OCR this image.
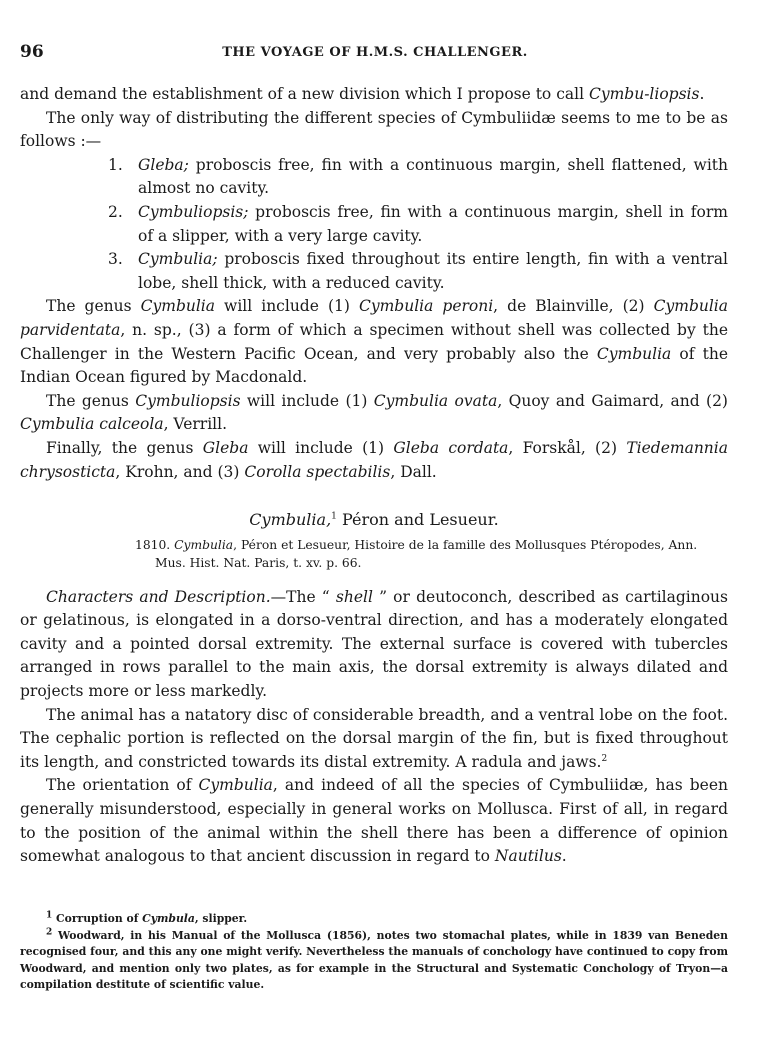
96	THE VOYAGE OF H.M.S. CHALLENGER.

and demand the establishment of a new division which I propose to call Cymbu-liopsis.

The only way of distributing the different species of Cymbuliidæ seems to me to be as follows :—

1. Gleba; proboscis free, fin with a continuous margin, shell flattened, with almost no cavity.

2. Cymbuliopsis; proboscis free, fin with a continuous margin, shell in form of a slipper, with a very large cavity.

3. Cymbulia; proboscis fixed throughout its entire length, fin with a ventral lobe, shell thick, with a reduced cavity.

The genus Cymbulia will include (1) Cymbulia peroni, de Blainville, (2) Cymbulia parvidentata, n. sp., (3) a form of which a specimen without shell was collected by the Challenger in the Western Pacific Ocean, and very probably also the Cymbulia of the Indian Ocean figured by Macdonald.

The genus Cymbuliopsis will include (1) Cymbulia ovata, Quoy and Gaimard, and (2) Cymbulia calceola, Verrill.

Finally, the genus Gleba will include (1) Gleba cordata, Forskål, (2) Tiedemannia chrysosticta, Krohn, and (3) Corolla spectabilis, Dall.

Cymbulia,$^1$ Péron and Lesueur.

1810. Cymbulia, Péron et Lesueur, Histoire de la famille des Mollusques Ptéropodes, Ann. Mus. Hist. Nat. Paris, t. xv. p. 66.

Characters and Description.—The “ shell ” or deutoconch, described as cartilaginous or gelatinous, is elongated in a dorso-ventral direction, and has a moderately elongated cavity and a pointed dorsal extremity. The external surface is covered with tubercles arranged in rows parallel to the main axis, the dorsal extremity is always dilated and projects more or less markedly.

The animal has a natatory disc of considerable breadth, and a ventral lobe on the foot. The cephalic portion is reflected on the dorsal margin of the fin, but is fixed throughout its length, and constricted towards its distal extremity. A radula and jaws.$^2$

The orientation of Cymbulia, and indeed of all the species of Cymbuliidæ, has been generally misunderstood, especially in general works on Mollusca. First of all, in regard to the position of the animal within the shell there has been a difference of opinion somewhat analogous to that ancient discussion in regard to Nautilus.

$^1$ Corruption of Cymbula, slipper.

$^2$ Woodward, in his Manual of the Mollusca (1856), notes two stomachal plates, while in 1839 van Beneden recognised four, and this any one might verify. Nevertheless the manuals of conchology have continued to copy from Woodward, and mention only two plates, as for example in the Structural and Systematic Conchology of Tryon—a compilation destitute of scientific value.
